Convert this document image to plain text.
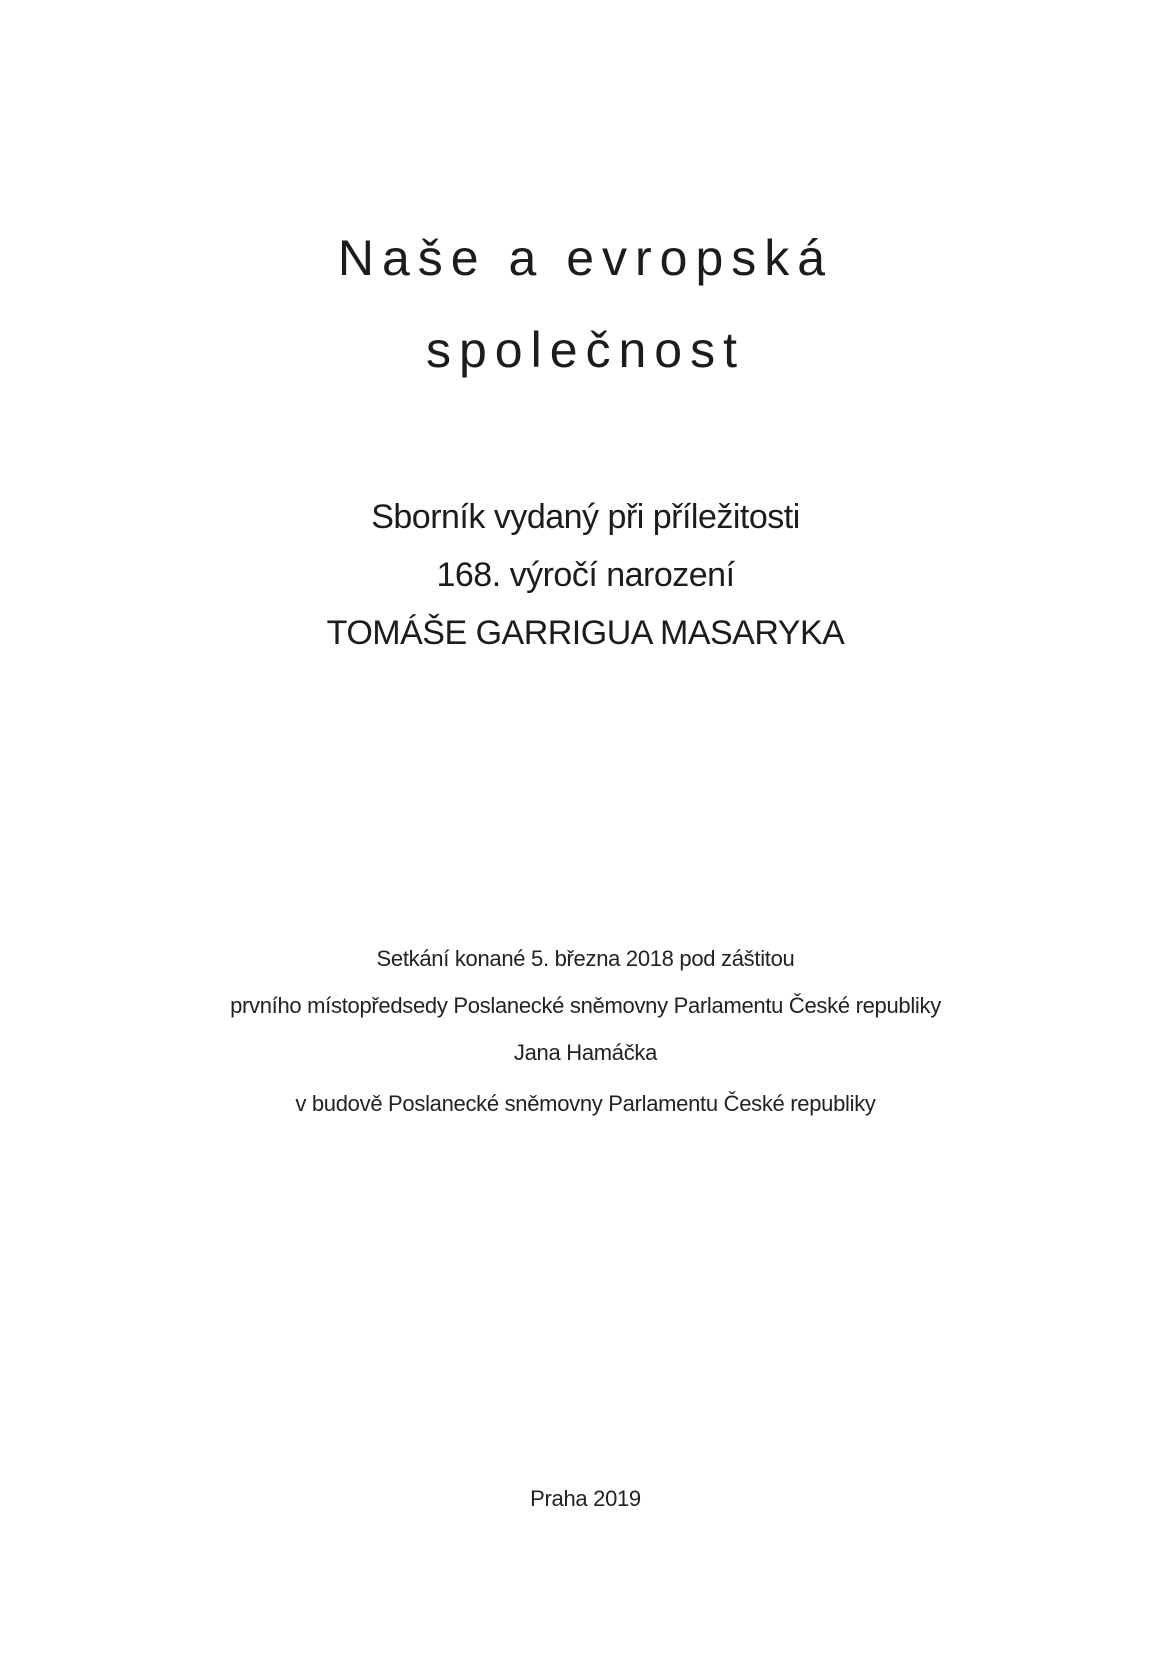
Naše a evropská
společnost
Sborník vydaný při příležitosti
168. výročí narození
TOMÁŠE GARRIGUA MASARYKA
Setkání konané 5. března 2018 pod záštitou
prvního místopředsedy Poslanecké sněmovny Parlamentu České republiky
Jana Hamáčka
v budově Poslanecké sněmovny Parlamentu České republiky
Praha 2019
